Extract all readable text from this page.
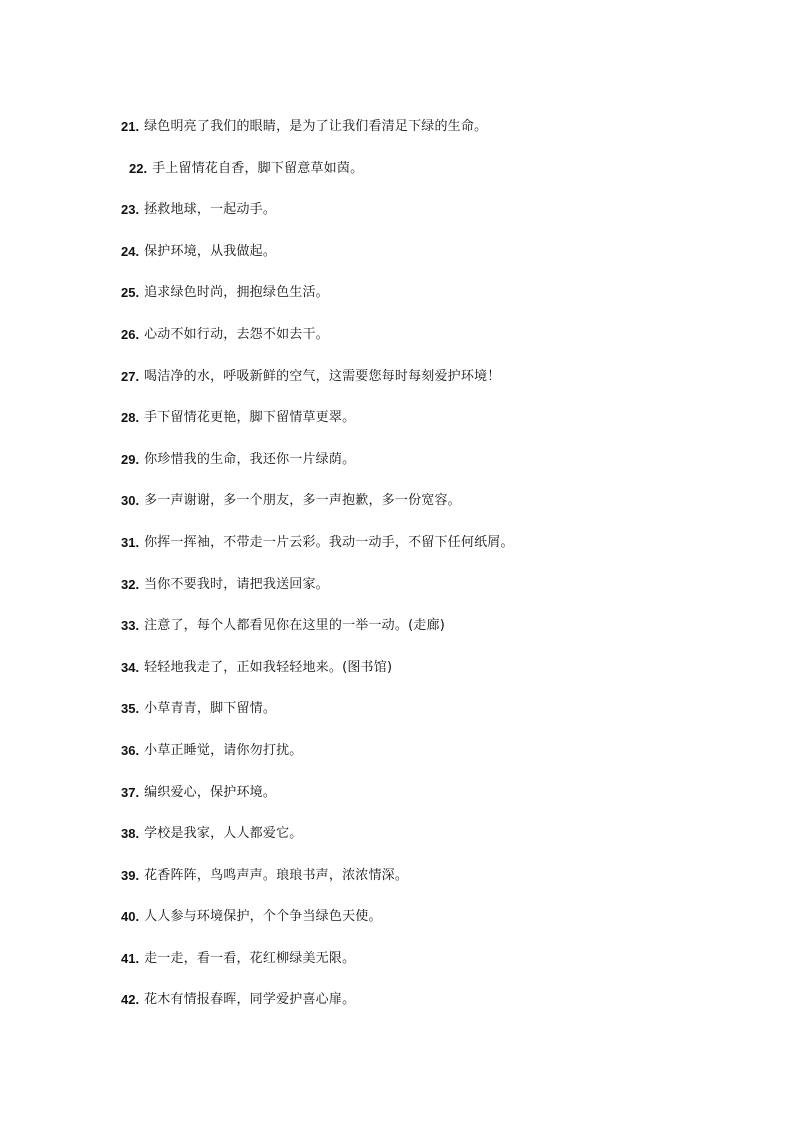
21. 绿色明亮了我们的眼睛，是为了让我们看清足下绿的生命。
22. 手上留情花自香，脚下留意草如茵。
23. 拯救地球，一起动手。
24. 保护环境，从我做起。
25. 追求绿色时尚，拥抱绿色生活。
26. 心动不如行动，去怨不如去干。
27. 喝洁净的水，呼吸新鲜的空气，这需要您每时每刻爱护环境！
28. 手下留情花更艳，脚下留情草更翠。
29. 你珍惜我的生命，我还你一片绿荫。
30. 多一声谢谢，多一个朋友，多一声抱歉，多一份宽容。
31. 你挥一挥袖，不带走一片云彩。我动一动手，不留下任何纸屑。
32. 当你不要我时，请把我送回家。
33. 注意了，每个人都看见你在这里的一举一动。(走廊)
34. 轻轻地我走了，正如我轻轻地来。(图书馆)
35. 小草青青，脚下留情。
36. 小草正睡觉，请你勿打扰。
37. 编织爱心，保护环境。
38. 学校是我家，人人都爱它。
39. 花香阵阵，鸟鸣声声。琅琅书声，浓浓情深。
40. 人人参与环境保护，个个争当绿色天使。
41. 走一走，看一看，花红柳绿美无限。
42. 花木有情报春晖，同学爱护喜心扉。
